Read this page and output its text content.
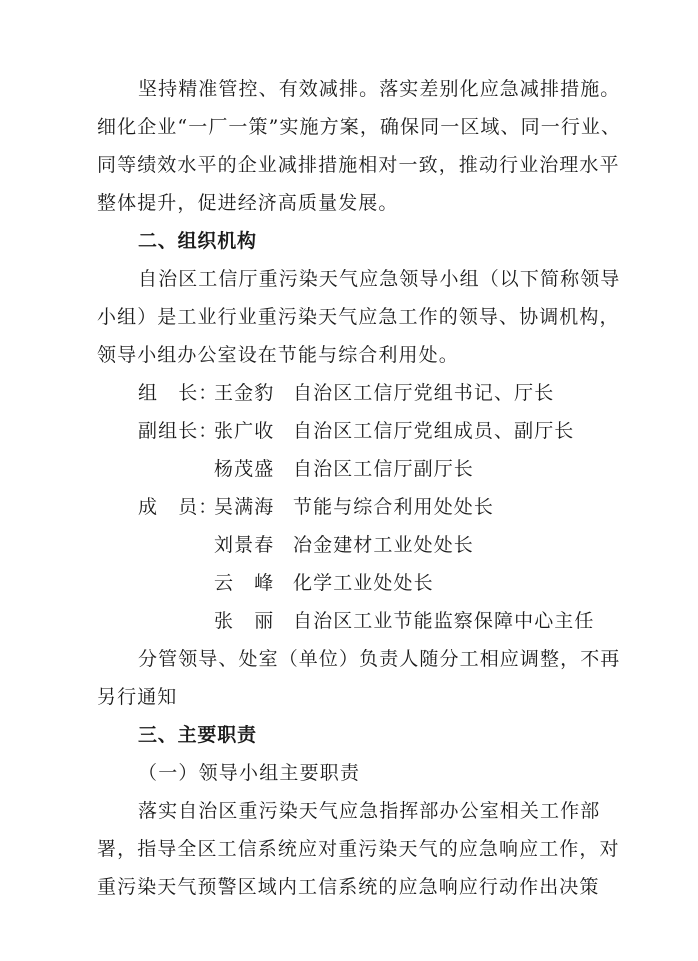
坚持精准管控、有效减排。落实差别化应急减排措施。
细化企业“一厂一策”实施方案，确保同一区域、同一行业、
同等绩效水平的企业减排措施相对一致，推动行业治理水平
整体提升，促进经济高质量发展。
二、组织机构
自治区工信厅重污染天气应急领导小组（以下简称领导
小组）是工业行业重污染天气应急工作的领导、协调机构，
领导小组办公室设在节能与综合利用处。
组　长：
王金豹 自治区工信厅党组书记、厅长
副组长：
张广收 自治区工信厅党组成员、副厅长
杨茂盛 自治区工信厅副厅长
成　员：
吴满海 节能与综合利用处处长
刘景春 冶金建材工业处处长
云　峰 化学工业处处长
张　丽 自治区工业节能监察保障中心主任
分管领导、处室（单位）负责人随分工相应调整，不再
另行通知
三、主要职责
（一）领导小组主要职责
落实自治区重污染天气应急指挥部办公室相关工作部
署，指导全区工信系统应对重污染天气的应急响应工作，对
重污染天气预警区域内工信系统的应急响应行动作出决策
